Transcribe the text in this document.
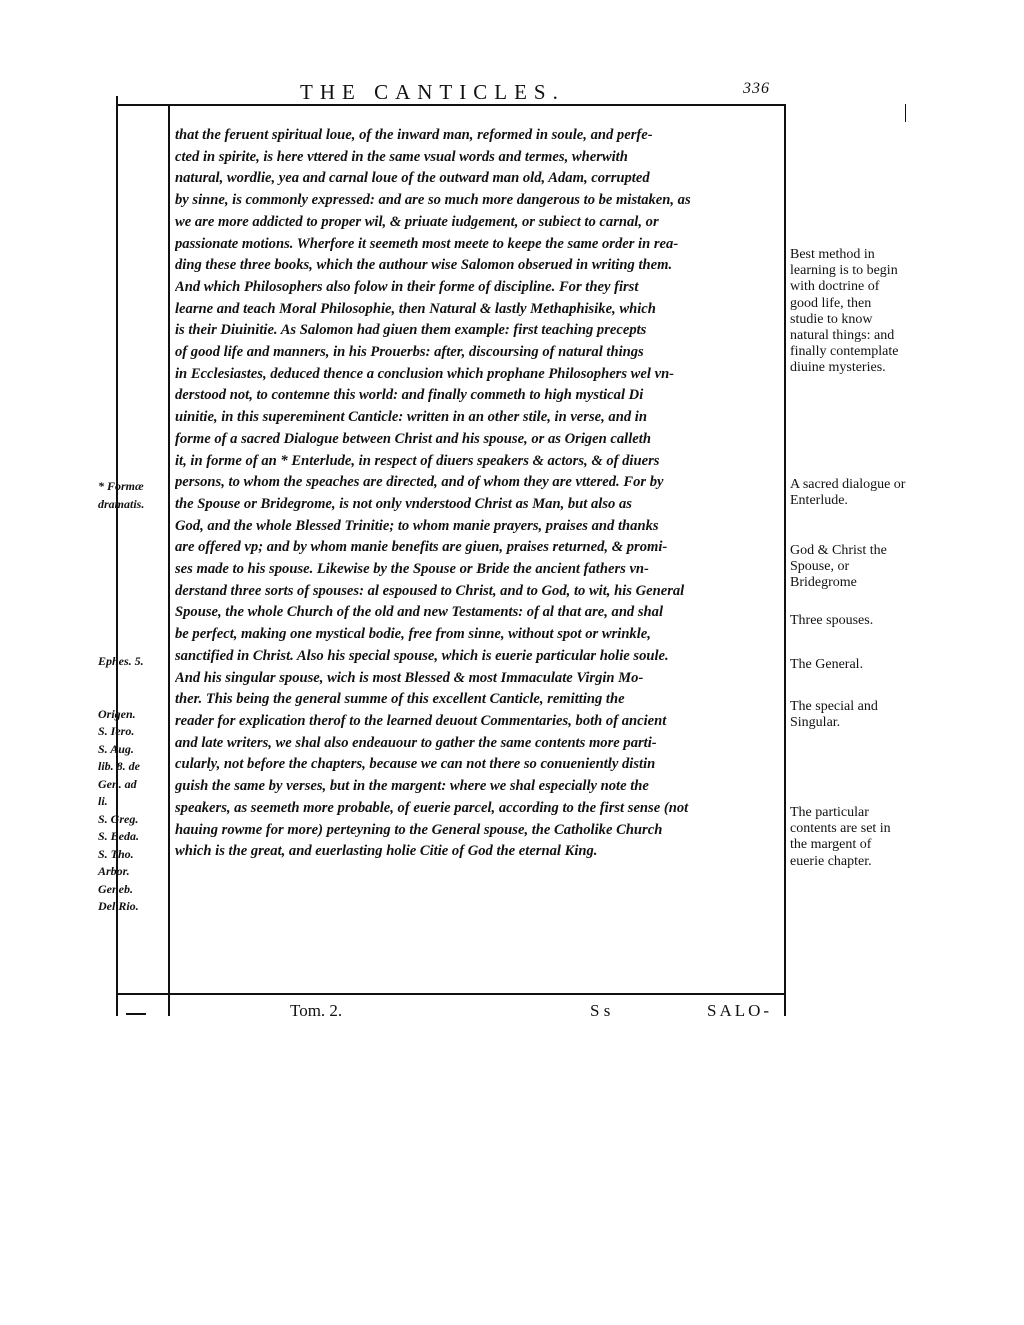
THE CANTICLES.	336
that the feruent spiritual loue, of the inward man, reformed in soule, and perfe-
cted in spirite, is here vttered in the same vsual words and termes, wherwith
natural, wordlie, yea and carnal loue of the outward man old, Adam, corrupted
by sinne, is commonly expressed: and are so much more dangerous to be mistaken, as
we are more addicted to proper wil, & priuate iudgement, or subiect to carnal, or
passionate motions. Wherfore it seemeth most meete to keepe the same order in rea-
ding these three books, which the authour wise Salomon obserued in writing them.
And which Philosophers also folow in their forme of discipline. For they first
learne and teach Moral Philosophie, then Natural & lastly Methaphisike, which
is their Diuinitie. As Salomon had giuen them example: first teaching precepts
of good life and manners, in his Prouerbs: after, discoursing of natural things
in Ecclesiastes, deduced thence a conclusion which prophane Philosophers wel vn-
derstood not, to contemne this world: and finally commeth to high mystical Di
uinitie, in this supereminent Canticle: written in an other stile, in verse, and in
forme of a sacred Dialogue between Christ and his spouse, or as Origen calleth
it, in forme of an * Enterlude, in respect of diuers speakers & actors, & of diuers
persons, to whom the speaches are directed, and of whom they are vttered. For by
the Spouse or Bridegrome, is not only vnderstood Christ as Man, but also as
God, and the whole Blessed Trinitie; to whom manie prayers, praises and thanks
are offered vp; and by whom manie benefits are giuen, praises returned, & promi-
ses made to his spouse. Likewise by the Spouse or Bride the ancient fathers vn-
derstand three sorts of spouses: al espoused to Christ, and to God, to wit, his General
Spouse, the whole Church of the old and new Testaments: of al that are, and shal
be perfect, making one mystical bodie, free from sinne, without spot or wrinkle,
sanctified in Christ. Also his special spouse, which is euerie particular holie soule.
And his singular spouse, wich is most Blessed & most Immaculate Virgin Mo-
ther. This being the general summe of this excellent Canticle, remitting the
reader for explication therof to the learned deuout Commentaries, both of ancient
and late writers, we shal also endeauour to gather the same contents more parti-
cularly, not before the chapters, because we can not there so conueniently distin
guish the same by verses, but in the margent: where we shal especially note the
speakers, as seemeth more probable, of euerie parcel, according to the first sense (not
hauing rowme for more) perteyning to the General spouse, the Catholike Church
which is the great, and euerlasting holie Citie of God the eternal King.
* Formæ
dramatis.

Ephes. 5.

Origen.
S. Iero.
S. Aug.
lib. 8. de
Gen. ad
li.
S. Greg.
S. Beda.
S. Tho.
Arbor.
Geneb.
Del Rio.
Best method in learning is to begin with doctrine of good life, then studie to know natural things: and finally contemplate diuine mysteries.
A sacred dialogue or Enterlude.
God & Christ the Spouse, or Bridegrome
Three spouses.
The General.
The special and Singular.
The particular contents are set in the margent of euerie chapter.
Tom. 2.	S s	SALO-
